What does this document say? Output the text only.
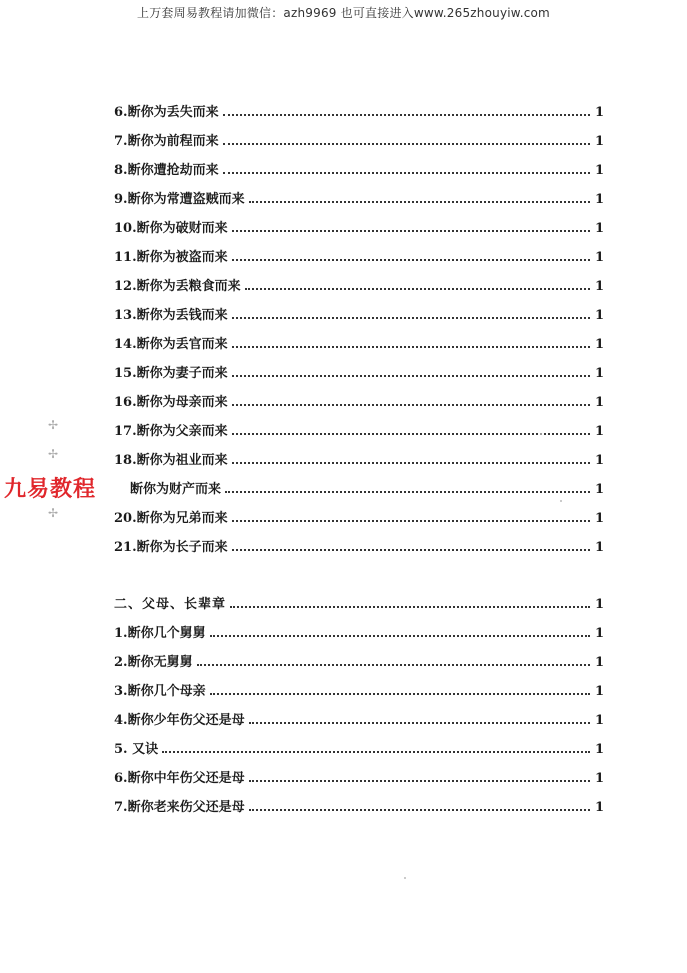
上万套周易教程请加微信：azh9969 也可直接进入www.265zhouyiw.com
6.断你为丢失而来	1
7.断你为前程而来	1
8.断你遭抢劫而来	1
9.断你为常遭盗贼而来	1
10.断你为破财而来	1
11.断你为被盗而来	1
12.断你为丢粮食而来	1
13.断你为丢钱而来	1
14.断你为丢官而来	1
15.断你为妻子而来	1
16.断你为母亲而来	1
17.断你为父亲而来	1
18.断你为祖业而来	1
断你为财产而来	1
20.断你为兄弟而来	1
21.断你为长子而来	1
二、父母、长辈章	1
1.断你几个舅舅	1
2.断你无舅舅	1
3.断你几个母亲	1
4.断你少年伤父还是母	1
5. 又诀	1
6.断你中年伤父还是母	1
7.断你老来伤父还是母	1
九易教程
✢
✢
✢
